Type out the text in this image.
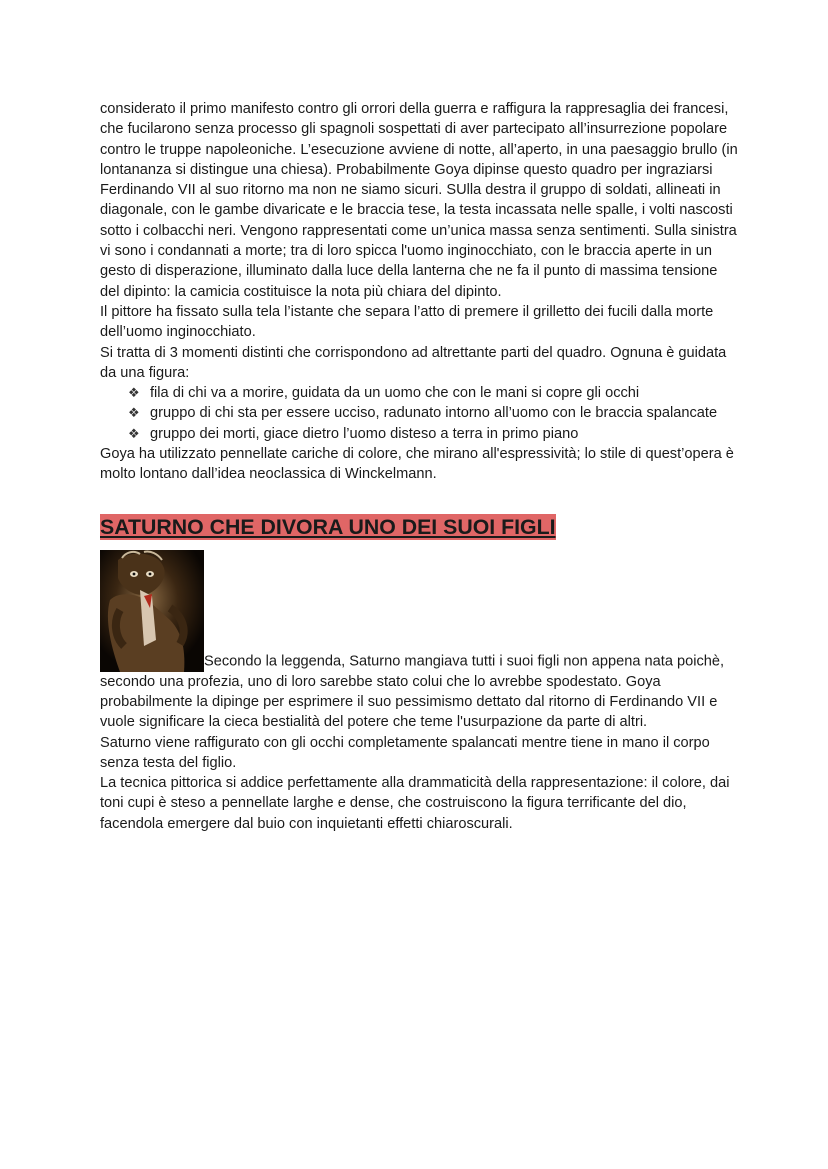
considerato il primo manifesto contro gli orrori della guerra e raffigura la rappresaglia dei francesi, che fucilarono senza processo gli spagnoli sospettati di aver partecipato all’insurrezione popolare contro le truppe napoleoniche. L’esecuzione avviene di notte, all’aperto, in una paesaggio brullo (in lontananza si distingue una chiesa). Probabilmente Goya dipinse questo quadro per ingraziarsi Ferdinando VII al suo ritorno ma non ne siamo sicuri. SUlla destra il gruppo di soldati, allineati in diagonale, con le gambe divaricate e le braccia tese, la testa incassata nelle spalle, i volti nascosti sotto i colbacchi neri. Vengono rappresentati come un’unica massa senza sentimenti. Sulla sinistra vi sono i condannati a morte; tra di loro spicca l'uomo inginocchiato, con le braccia aperte in un gesto di disperazione, illuminato dalla luce della lanterna che ne fa il punto di massima tensione del dipinto: la camicia costituisce la nota più chiara del dipinto.

Il pittore ha fissato sulla tela l’istante che separa l’atto di premere il grilletto dei fucili dalla morte dell’uomo inginocchiato.

Si tratta di 3 momenti distinti che corrispondono ad altrettante parti del quadro. Ognuna è guidata da una figura:

❖ fila di chi va a morire, guidata da un uomo che con le mani si copre gli occhi
❖ gruppo di chi sta per essere ucciso, radunato intorno all’uomo con le braccia spalancate
❖ gruppo dei morti, giace dietro l’uomo disteso a terra in primo piano

Goya ha utilizzato pennellate cariche di colore, che mirano all'espressività; lo stile di quest’opera è molto lontano dall’idea neoclassica di Winckelmann.

SATURNO CHE DIVORA UNO DEI SUOI FIGLI

Secondo la leggenda, Saturno mangiava tutti i suoi figli non appena nata poichè, secondo una profezia, uno di loro sarebbe stato colui che lo avrebbe spodestato. Goya probabilmente la dipinge per esprimere il suo pessimismo dettato dal ritorno di Ferdinando VII e vuole significare la cieca bestialità del potere che teme l'usurpazione da parte di altri.

Saturno viene raffigurato con gli occhi completamente spalancati mentre tiene in mano il corpo senza testa del figlio.

La tecnica pittorica si addice perfettamente alla drammaticità della rappresentazione: il colore, dai toni cupi è steso a pennellate larghe e dense, che costruiscono la figura terrificante del dio, facendola emergere dal buio con inquietanti effetti chiaroscurali.
